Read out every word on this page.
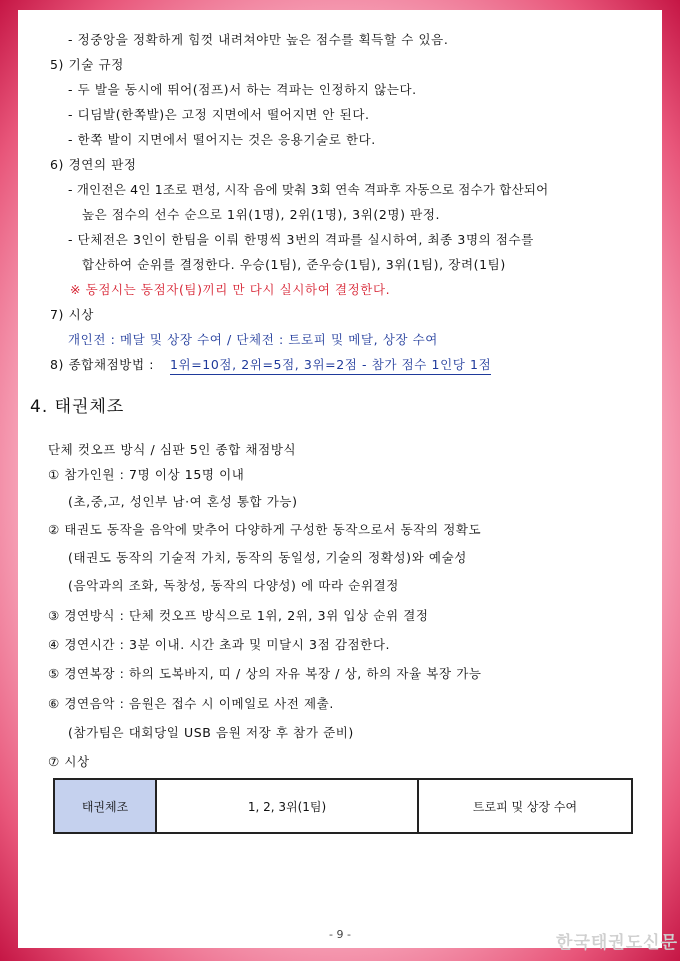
- 정중앙을 정확하게 힘껏 내려쳐야만 높은 점수를 획득할 수 있음.
5) 기술 규정
- 두 발을 동시에 뛰어(점프)서 하는 격파는 인정하지 않는다.
- 디딤발(한쪽발)은 고정 지면에서 떨어지면 안 된다.
- 한쪽 발이 지면에서 떨어지는 것은 응용기술로 한다.
6) 경연의 판정
- 개인전은 4인 1조로 편성, 시작 음에 맞춰 3회 연속 격파후 자동으로 점수가 합산되어
높은 점수의 선수 순으로 1위(1명), 2위(1명), 3위(2명) 판정.
- 단체전은 3인이 한팀을 이뤄 한명씩 3번의 격파를 실시하여, 최종 3명의 점수를
합산하여 순위를 결정한다. 우승(1팀), 준우승(1팀), 3위(1팀), 장려(1팀)
※ 동점시는 동점자(팀)끼리 만 다시 실시하여 결정한다.
7) 시상
개인전 : 메달 및 상장 수여 / 단체전 : 트로피 및 메달, 상장 수여
8) 종합채점방법 : 1위=10점, 2위=5점, 3위=2점 - 참가 점수 1인당 1점
4. 태권체조
단체 컷오프 방식 / 심판 5인 종합 채점방식
① 참가인원 : 7명 이상 15명 이내
(초,중,고, 성인부 남·여 혼성 통합 가능)
② 태권도 동작을 음악에 맞추어 다양하게 구성한 동작으로서 동작의 정확도
(태권도 동작의 기술적 가치, 동작의 동일성, 기술의 정확성)와 예술성
(음악과의 조화, 독창성, 동작의 다양성) 에 따라 순위결정
③ 경연방식 : 단체 컷오프 방식으로 1위, 2위, 3위 입상 순위 결정
④ 경연시간 : 3분 이내. 시간 초과 및 미달시 3점 감점한다.
⑤ 경연복장 : 하의 도복바지, 띠 / 상의 자유 복장 / 상, 하의 자율 복장 가능
⑥ 경연음악 : 음원은 접수 시 이메일로 사전 제출.
(참가팀은 대회당일 USB 음원 저장 후 참가 준비)
⑦ 시상
태권체조	1, 2, 3위(1팀)	트로피 및 상장 수여
- 9 -	한국태권도신문
